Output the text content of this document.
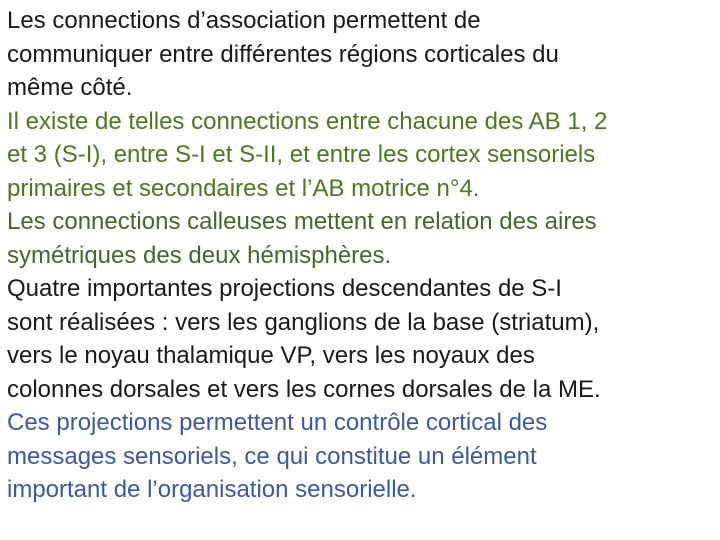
Les connections d’association permettent de
communiquer entre différentes régions corticales du
même côté.

Il existe de telles connections entre chacune des AB 1, 2
et 3 (S-I), entre S-I et S-II, et entre les cortex sensoriels
primaires et secondaires et l’AB motrice n°4.

Les connections calleuses mettent en relation des aires
symétriques des deux hémisphères.

Quatre importantes projections descendantes de S-I
sont réalisées : vers les ganglions de la base (striatum),
vers le noyau thalamique VP, vers les noyaux des
colonnes dorsales et vers les cornes dorsales de la ME.

Ces projections permettent un contrôle cortical des
messages sensoriels, ce qui constitue un élément
important de l’organisation sensorielle.
